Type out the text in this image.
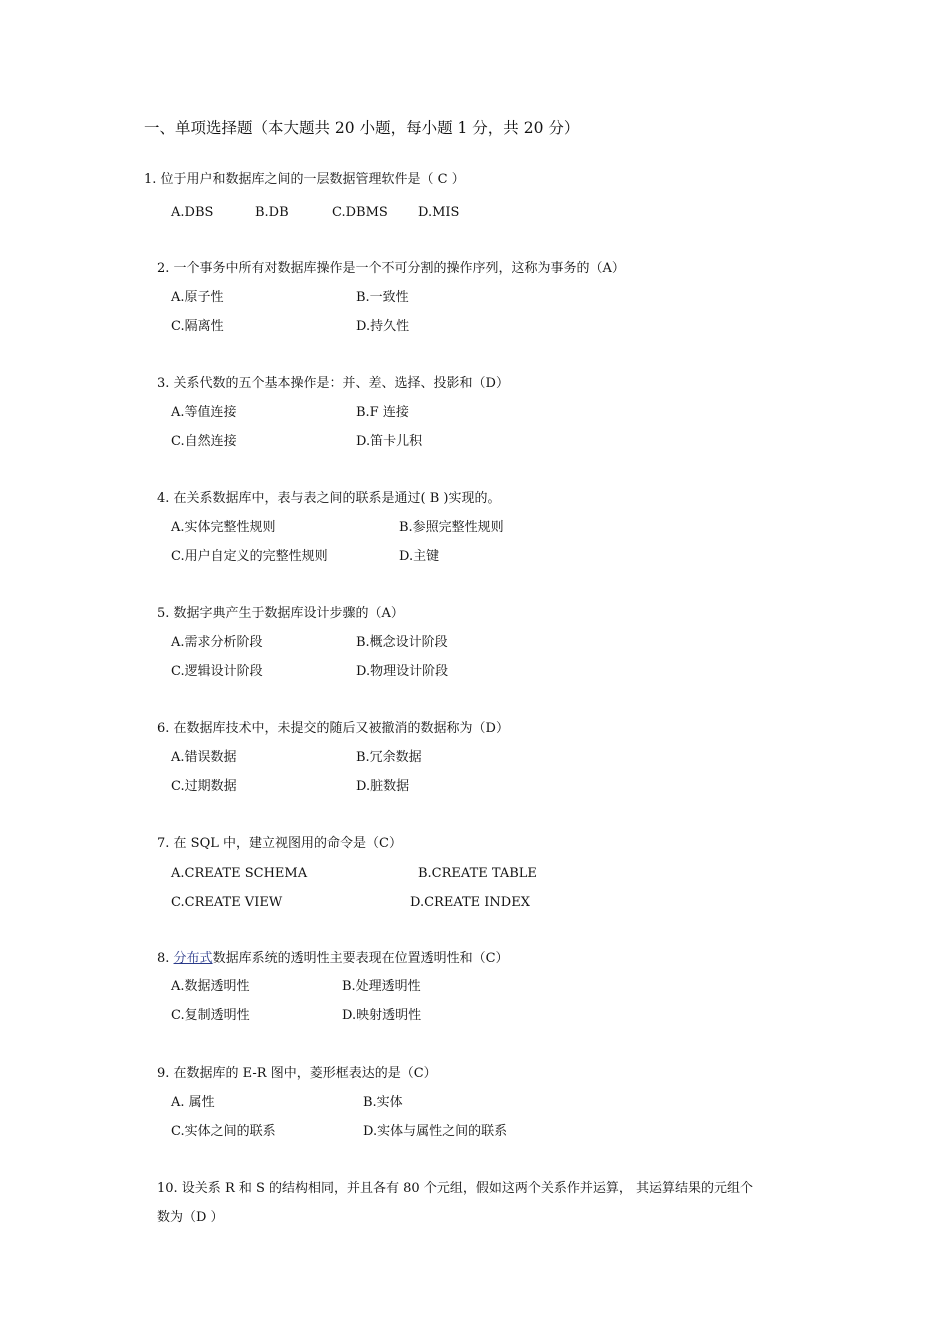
一、单项选择题（本大题共 20 小题，每小题 1 分，共 20 分）
1. 位于用户和数据库之间的一层数据管理软件是（ C ）
A.DBS	B.DB	C.DBMS D.MIS
2. 一个事务中所有对数据库操作是一个不可分割的操作序列，这称为事务的（A）
A.原子性	B.一致性
C.隔离性	D.持久性
3. 关系代数的五个基本操作是：并、差、选择、投影和（D）
A.等值连接	B.F 连接
C.自然连接	D.笛卡儿积
4. 在关系数据库中，表与表之间的联系是通过( B )实现的。
A.实体完整性规则	B.参照完整性规则
C.用户自定义的完整性规则	D.主键
5. 数据字典产生于数据库设计步骤的（A）
A.需求分析阶段	B.概念设计阶段
C.逻辑设计阶段	D.物理设计阶段
6. 在数据库技术中，未提交的随后又被撤消的数据称为（D）
A.错误数据	B.冗余数据
C.过期数据	D.脏数据
7. 在 SQL 中，建立视图用的命令是（C）
A.CREATE SCHEMA	B.CREATE TABLE
C.CREATE VIEW	D.CREATE INDEX
8. 分布式数据库系统的透明性主要表现在位置透明性和（C）
A.数据透明性	B.处理透明性
C.复制透明性	D.映射透明性
9. 在数据库的 E-R 图中，菱形框表达的是（C）
A. 属性	B.实体
C.实体之间的联系	D.实体与属性之间的联系
10. 设关系 R 和 S 的结构相同，并且各有 80 个元组，假如这两个关系作并运算， 其运算结果的元组个
数为（D ）
